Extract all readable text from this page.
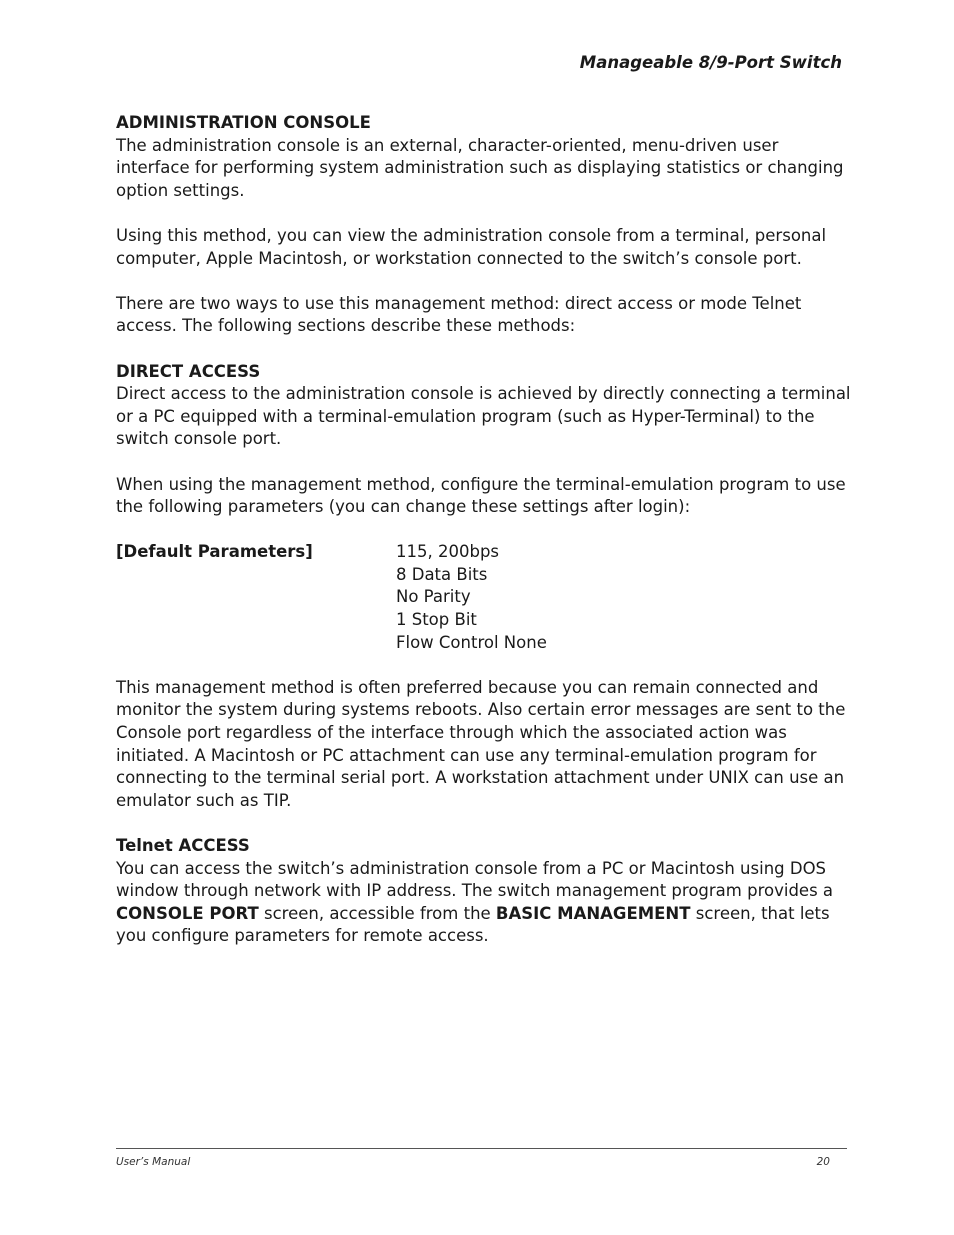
Manageable 8/9-Port Switch

ADMINISTRATION CONSOLE

The administration console is an external, character-oriented, menu-driven user interface for performing system administration such as displaying statistics or changing option settings.

Using this method, you can view the administration console from a terminal, personal computer, Apple Macintosh, or workstation connected to the switch’s console port.

There are two ways to use this management method: direct access or mode Telnet access. The following sections describe these methods:

DIRECT ACCESS

Direct access to the administration console is achieved by directly connecting a terminal or a PC equipped with a terminal-emulation program (such as Hyper-Terminal) to the switch console port.

When using the management method, configure the terminal-emulation program to use the following parameters (you can change these settings after login):

[Default Parameters]	115, 200bps
8 Data Bits
No Parity
1 Stop Bit
Flow Control None

This management method is often preferred because you can remain connected and monitor the system during systems reboots. Also certain error messages are sent to the Console port regardless of the interface through which the associated action was initiated. A Macintosh or PC attachment can use any terminal-emulation program for connecting to the terminal serial port. A workstation attachment under UNIX can use an emulator such as TIP.

Telnet ACCESS

You can access the switch’s administration console from a PC or Macintosh using DOS window through network with IP address. The switch management program provides a CONSOLE PORT screen, accessible from the BASIC MANAGEMENT screen, that lets you configure parameters for remote access.

User’s Manual	20
